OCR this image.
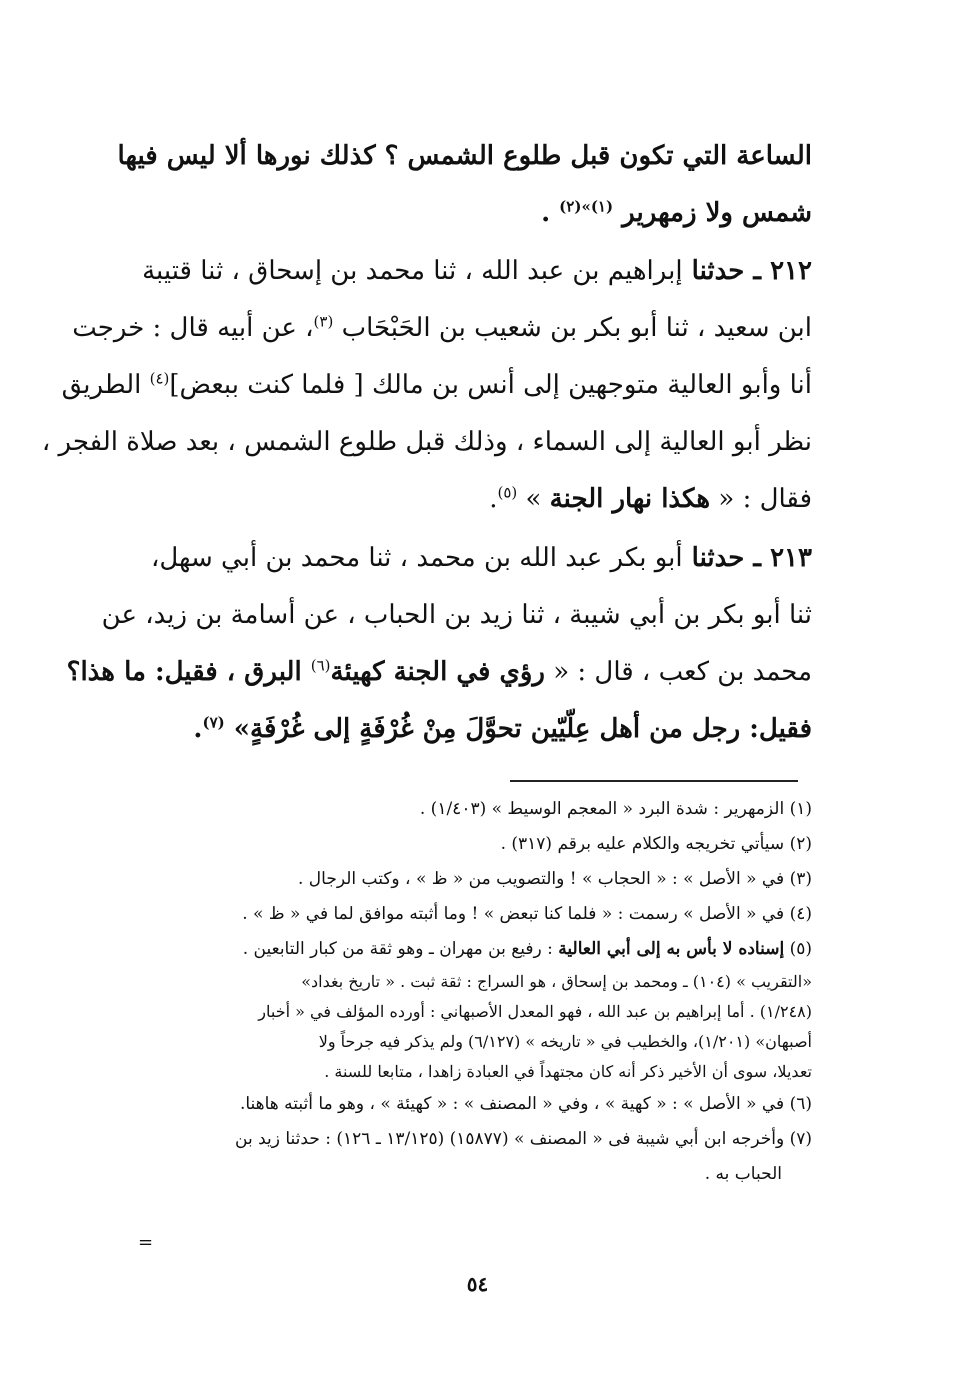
الساعة التي تكون قبل طلوع الشمس ؟ كذلك نورها ألا ليس فيها
شمس ولا زمهرير $^{(١)»(٢)}$ .
٢١٢ ـ حدثنا إبراهيم بن عبد الله ، ثنا محمد بن إسحاق ، ثنا قتيبة
ابن سعيد ، ثنا أبو بكر بن شعيب بن الحَبْحَاب $^{(٣)}$، عن أبيه قال : خرجت
أنا وأبو العالية متوجهين إلى أنس بن مالك [ فلما كنت ببعض]$^{(٤)}$ الطريق
نظر أبو العالية إلى السماء ، وذلك قبل طلوع الشمس ، بعد صلاة الفجر ،
فقال : « هكذا نهار الجنة » $^{(٥)}$.
٢١٣ ـ حدثنا أبو بكر عبد الله بن محمد ، ثنا محمد بن أبي سهل،
ثنا أبو بكر بن أبي شيبة ، ثنا زيد بن الحباب ، عن أسامة بن زيد، عن
محمد بن كعب ، قال : « رؤي في الجنة كهيئة$^{(٦)}$ البرق ، فقيل: ما هذا؟
فقيل: رجل من أهل عِلّيّين تحوَّلَ مِنْ غُرْفَةٍ إلى غُرْفَةٍ» $^{(٧)}$.
(١) الزمهرير : شدة البرد « المعجم الوسيط » (١/٤٠٣) .
(٢) سيأتي تخريجه والكلام عليه برقم (٣١٧) .
(٣) في « الأصل » : « الحجاب » ! والتصويب من « ظ » ، وكتب الرجال .
(٤) في « الأصل » رسمت : « فلما كنا تبعض » ! وما أثبته موافق لما في « ظ » .
(٥) إسناده لا بأس به إلى أبي العالية : رفيع بن مهران ـ وهو ثقة من كبار التابعين .
«التقريب » (١٠٤) ـ ومحمد بن إسحاق ، هو السراج : ثقة ثبت . « تاريخ بغداد»
(١/٢٤٨) . أما إبراهيم بن عبد الله ، فهو المعدل الأصبهاني : أورده المؤلف في « أخبار
أصبهان» (١/٢٠١)، والخطيب في « تاريخه » (٦/١٢٧) ولم يذكر فيه جرحاً ولا
تعديلا، سوى أن الأخير ذكر أنه كان مجتهداً في العبادة زاهدا ، متابعا للسنة .
(٦) في « الأصل » : « كهية » ، وفي « المصنف » : « كهيئة » ، وهو ما أثبته هاهنا.
(٧) وأخرجه ابن أبي شيبة فى « المصنف » (١٥٨٧٧) (١٣/١٢٥ ـ ١٢٦) : حدثنا زيد بن
الحباب به .
=
٥٤
